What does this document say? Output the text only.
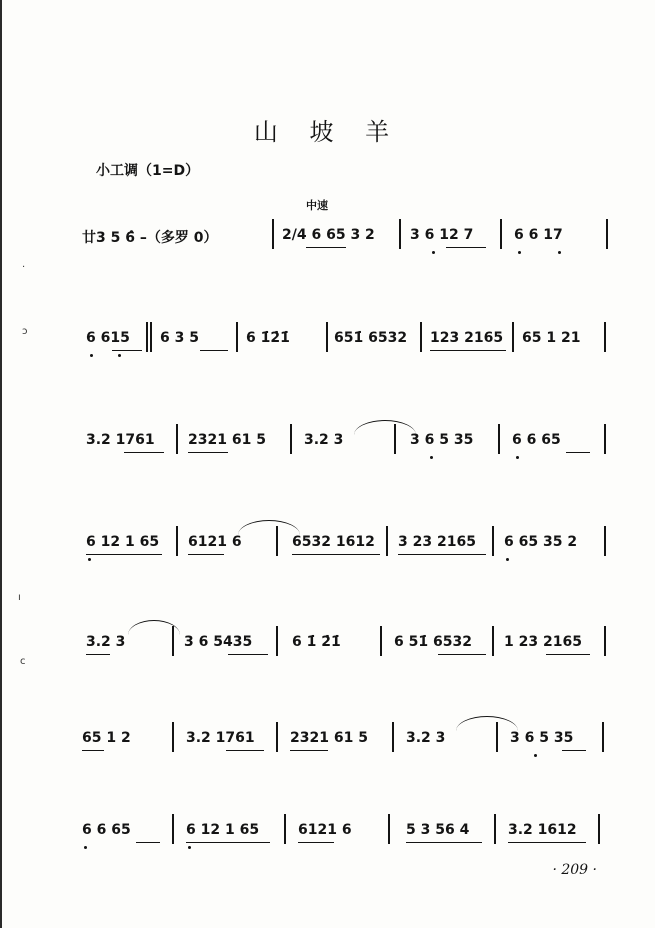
·
ↄ
ı
c
山 坡 羊
小工调（1=D）
中速
廿3 5 6̂ –（多罗 0）	2/4 6 65 3 2	3 6 12 7	6 6 17
6 615 6 3 5	6 1̇2̇1̇	651̇ 6532 123 2165 65 1 21
3.2 1761 2321 61 5	3.2 3	3 6 5 35	6 6 65
6 12 1 65 6121 6	6532 1612 3 23 2165 6 65 35 2
3.2 3	3 6 5435	6 1̇ 2̇1̇	6 51̇ 6532 1 23 2165
65 1 2	3.2 1761	2321 61 5	3.2 3	3 6 5 35
6 6 65	6 12 1 65	6121 6	5 3 56 4	3.2 1612
· 209 ·
